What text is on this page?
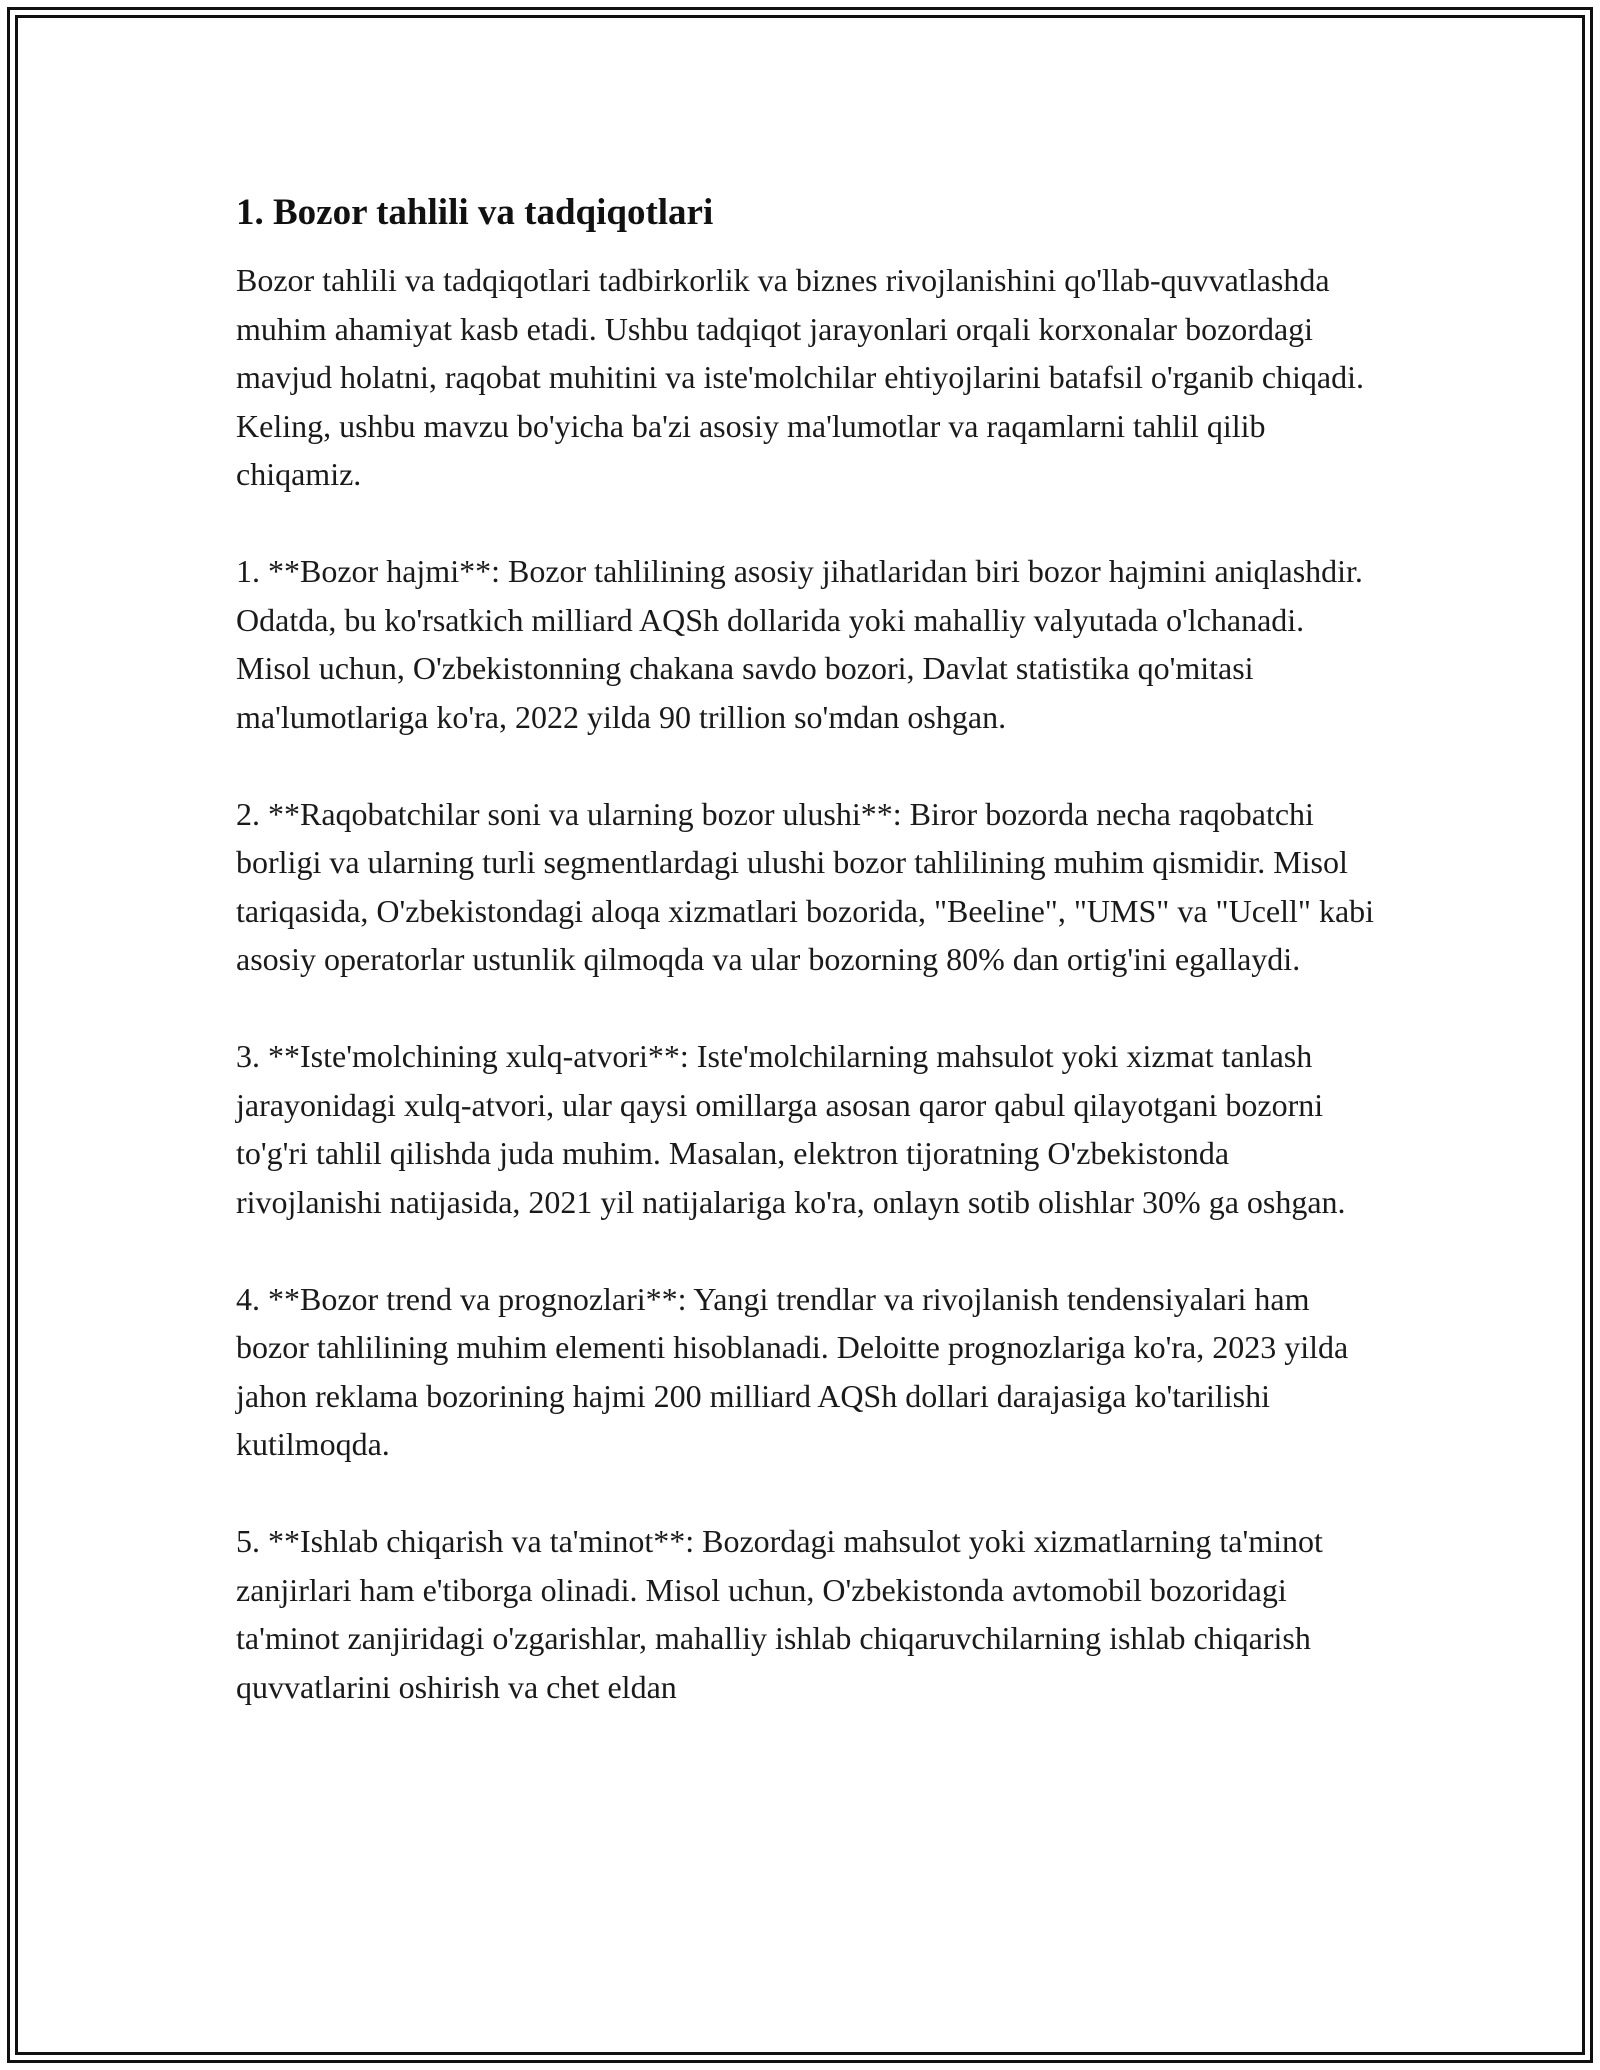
1. Bozor tahlili va tadqiqotlari

Bozor tahlili va tadqiqotlari tadbirkorlik va biznes rivojlanishini qo'llab-quvvatlashda muhim ahamiyat kasb etadi. Ushbu tadqiqot jarayonlari orqali korxonalar bozordagi mavjud holatni, raqobat muhitini va iste'molchilar ehtiyojlarini batafsil o'rganib chiqadi. Keling, ushbu mavzu bo'yicha ba'zi asosiy ma'lumotlar va raqamlarni tahlil qilib chiqamiz.

1. **Bozor hajmi**: Bozor tahlilining asosiy jihatlaridan biri bozor hajmini aniqlashdir. Odatda, bu ko'rsatkich milliard AQSh dollarida yoki mahalliy valyutada o'lchanadi. Misol uchun, O'zbekistonning chakana savdo bozori, Davlat statistika qo'mitasi ma'lumotlariga ko'ra, 2022 yilda 90 trillion so'mdan oshgan.

2. **Raqobatchilar soni va ularning bozor ulushi**: Biror bozorda necha raqobatchi borligi va ularning turli segmentlardagi ulushi bozor tahlilining muhim qismidir. Misol tariqasida, O'zbekistondagi aloqa xizmatlari bozorida, "Beeline", "UMS" va "Ucell" kabi asosiy operatorlar ustunlik qilmoqda va ular bozorning 80% dan ortig'ini egallaydi.

3. **Iste'molchining xulq-atvori**: Iste'molchilarning mahsulot yoki xizmat tanlash jarayonidagi xulq-atvori, ular qaysi omillarga asosan qaror qabul qilayotgani bozorni to'g'ri tahlil qilishda juda muhim. Masalan, elektron tijoratning O'zbekistonda rivojlanishi natijasida, 2021 yil natijalariga ko'ra, onlayn sotib olishlar 30% ga oshgan.

4. **Bozor trend va prognozlari**: Yangi trendlar va rivojlanish tendensiyalari ham bozor tahlilining muhim elementi hisoblanadi. Deloitte prognozlariga ko'ra, 2023 yilda jahon reklama bozorining hajmi 200 milliard AQSh dollari darajasiga ko'tarilishi kutilmoqda.

5. **Ishlab chiqarish va ta'minot**: Bozordagi mahsulot yoki xizmatlarning ta'minot zanjirlari ham e'tiborga olinadi. Misol uchun, O'zbekistonda avtomobil bozoridagi ta'minot zanjiridagi o'zgarishlar, mahalliy ishlab chiqaruvchilarning ishlab chiqarish quvvatlarini oshirish va chet eldan
